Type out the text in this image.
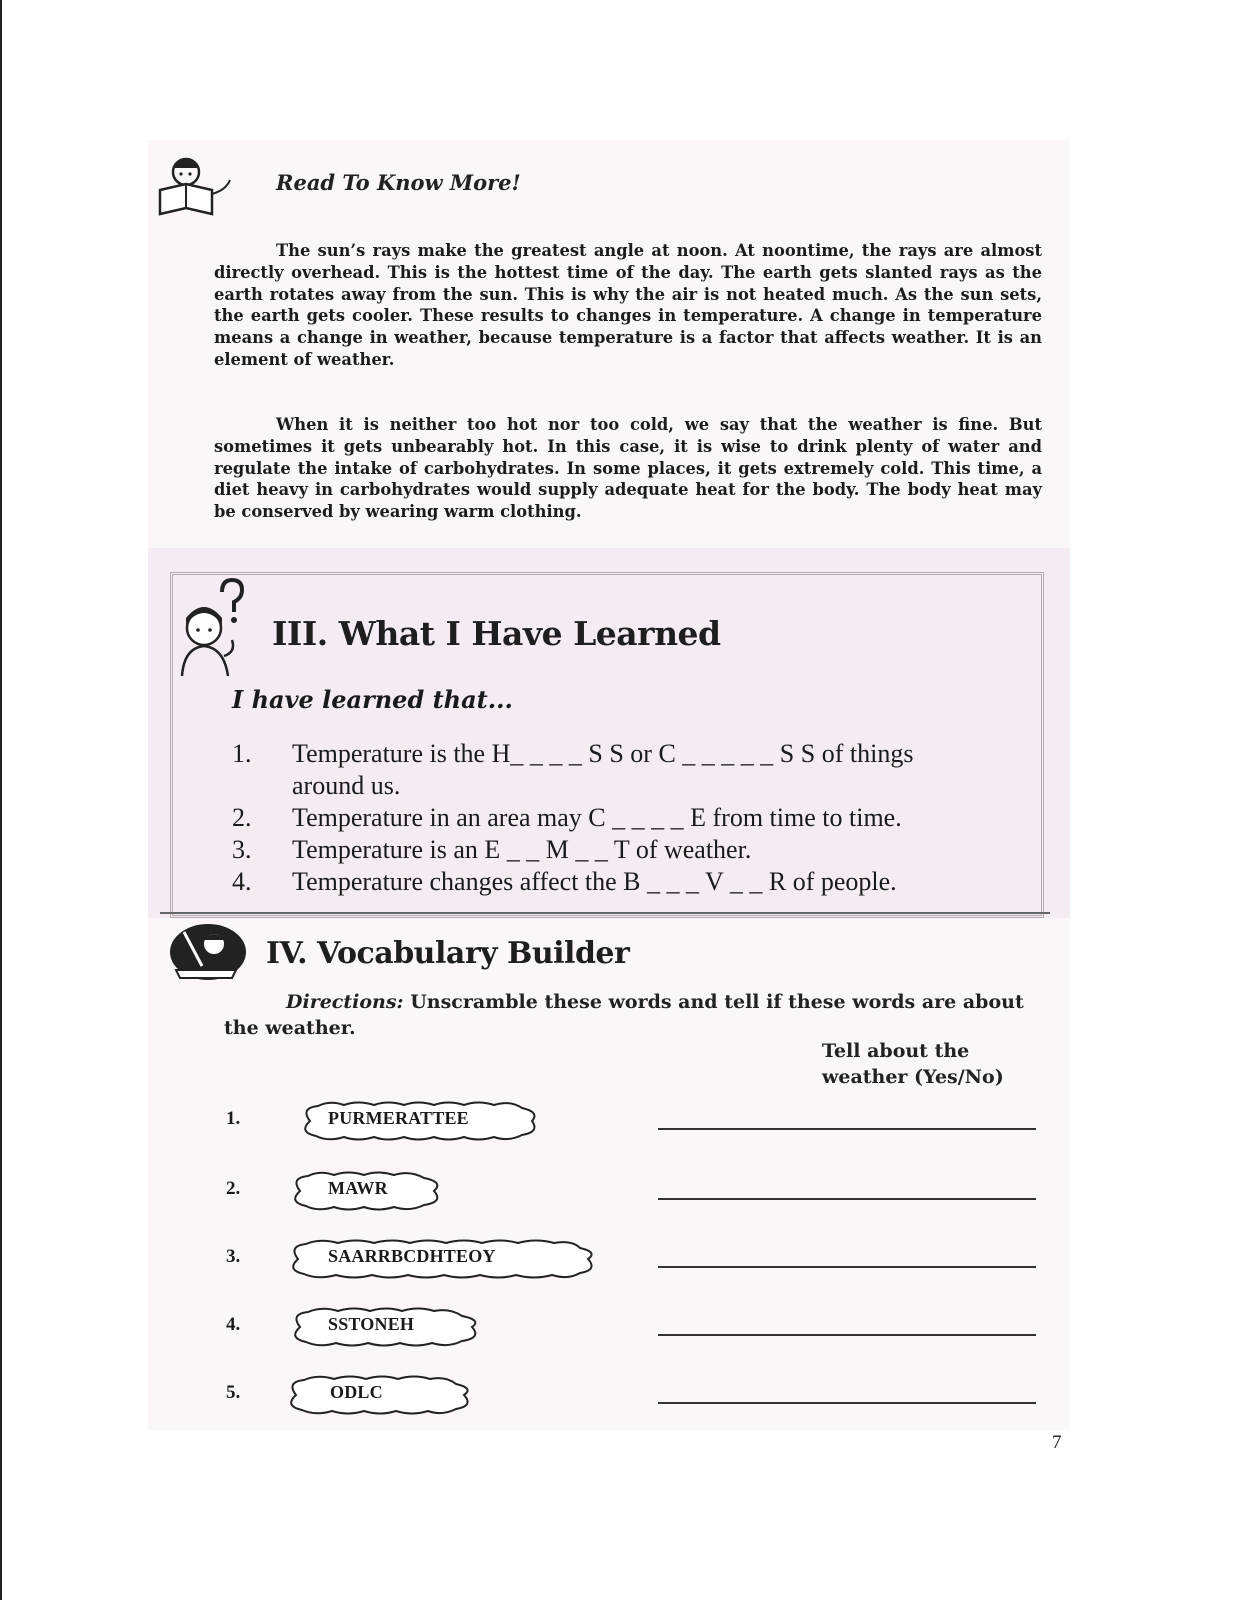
Read To Know More!
The sun’s rays make the greatest angle at noon. At noontime, the rays are almost directly overhead. This is the hottest time of the day. The earth gets slanted rays as the earth rotates away from the sun. This is why the air is not heated much. As the sun sets, the earth gets cooler. These results to changes in temperature. A change in temperature means a change in weather, because temperature is a factor that affects weather. It is an element of weather.
When it is neither too hot nor too cold, we say that the weather is fine. But sometimes it gets unbearably hot. In this case, it is wise to drink plenty of water and regulate the intake of carbohydrates. In some places, it gets extremely cold. This time, a diet heavy in carbohydrates would supply adequate heat for the body. The body heat may be conserved by wearing warm clothing.
III. What I Have Learned
I have learned that...
1.	Temperature is the H_ _ _ _ S S or C _ _ _ _ _ S S of things
around us.
2.	Temperature in an area may C _ _ _ _ E from time to time.
3.	Temperature is an E _ _ M _ _ T of weather.
4.	Temperature changes affect the B _ _ _ V _ _ R of people.
IV. Vocabulary Builder
Directions: Unscramble these words and tell if these words are about the weather.
Tell about the weather (Yes/No)
1.	PURMERATTEE
2.	MAWR
3.	SAARRBCDHTEOY
4.	SSTONEH
5.	ODLC
7
